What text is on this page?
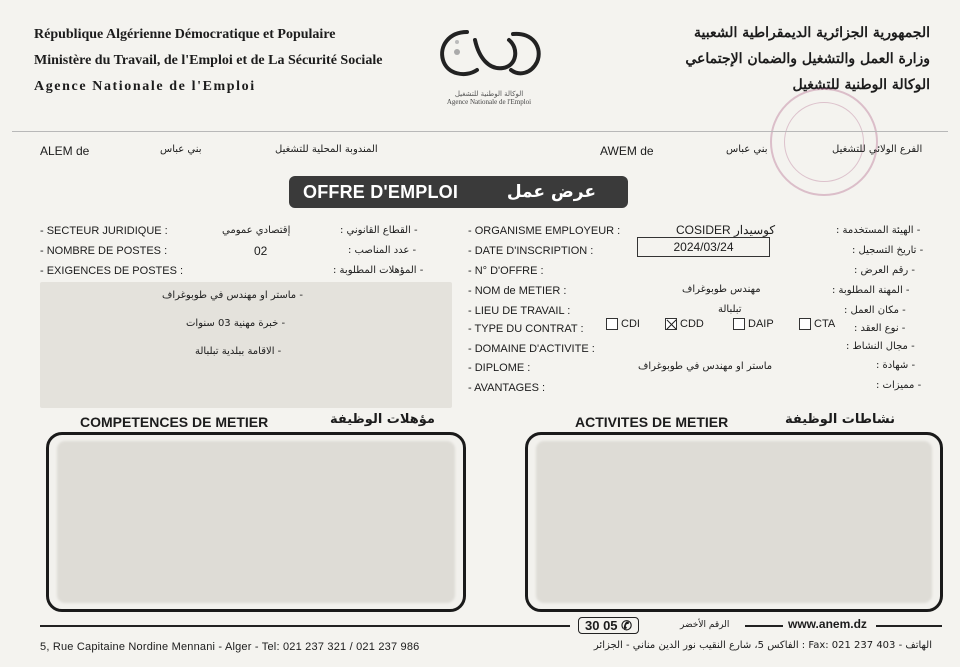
République Algérienne Démocratique et Populaire
Ministère du Travail, de l'Emploi et de La Sécurité Sociale
Agence Nationale de l'Emploi	الوكالة الوطنية للتشغيل
Agence Nationale de l'Emploi
الجمهورية الجزائرية الديمقراطية الشعبية
وزارة العمل والتشغيل والضمان الإجتماعي
الوكالة الوطنية للتشغيل
ALEM de	بني عباس	المندوبة المحلية للتشغيل	AWEM de	بني عباس	الفرع الولائي للتشغيل
OFFRE D'EMPLOI	عرض عمل
- SECTEUR JURIDIQUE :	إقتصادي عمومي	- القطاع القانوني :
- NOMBRE DE POSTES :	02	- عدد المناصب :
- EXIGENCES DE POSTES :	- المؤهلات المطلوبة :
- ماستر او مهندس في طوبوغراف
- خبرة مهنية 03 سنوات
- الاقامة ببلدية تبلبالة
- ORGANISME EMPLOYEUR :	COSIDER كوسيدار	- الهيئة المستخدمة :
- DATE D'INSCRIPTION :	2024/03/24	- تاريخ التسجيل :
- N° D'OFFRE :	- رقم العرض :
- NOM de METIER :	مهندس طوبوغراف	- المهنة المطلوبة :
- LIEU DE TRAVAIL :	تبلبالة	- مكان العمل :
- TYPE DU CONTRAT :	CDI	CDD	DAIP	CTA - نوع العقد :
- DOMAINE D'ACTIVITE :	- مجال النشاط :
- DIPLOME :	ماستر او مهندس في طوبوغراف	- شهادة :
- AVANTAGES :	- مميزات :
COMPETENCES DE METIER	مؤهلات الوظيفة	ACTIVITES DE METIER	نشاطات الوظيفة
30 05 ✆	الرقم الأخضر	www.anem.dz
5, Rue Capitaine Nordine Mennani - Alger - Tel: 021 237 321 / 021 237 986	الهاتف - Fax: 021 237 403 : الفاكس 5، شارع النقيب نور الدين مناني - الجزائر
